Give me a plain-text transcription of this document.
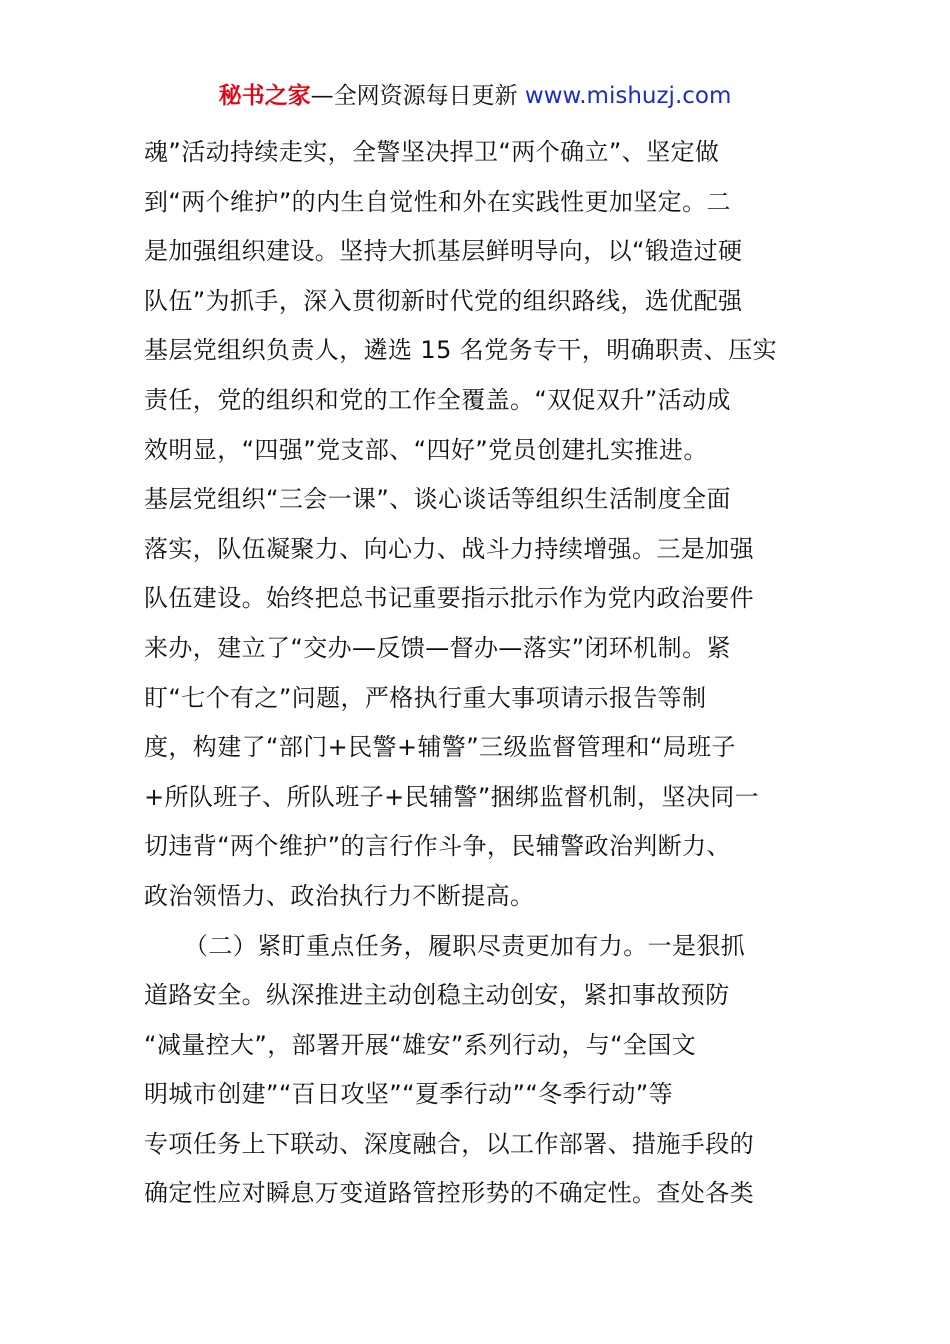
秘书之家—全网资源每日更新 www.mishuzj.com
魂”活动持续走实，全警坚决捍卫“两个确立”、坚定做
到“两个维护”的内生自觉性和外在实践性更加坚定。二
是加强组织建设。坚持大抓基层鲜明导向，以“锻造过硬
队伍”为抓手，深入贯彻新时代党的组织路线，选优配强
基层党组织负责人，遴选 15 名党务专干，明确职责、压实
责任，党的组织和党的工作全覆盖。“双促双升”活动成
效明显，“四强”党支部、“四好”党员创建扎实推进。
基层党组织“三会一课”、谈心谈话等组织生活制度全面
落实，队伍凝聚力、向心力、战斗力持续增强。三是加强
队伍建设。始终把总书记重要指示批示作为党内政治要件
来办，建立了“交办—反馈—督办—落实”闭环机制。紧
盯“七个有之”问题，严格执行重大事项请示报告等制
度，构建了“部门+民警+辅警”三级监督管理和“局班子
+所队班子、所队班子+民辅警”捆绑监督机制，坚决同一
切违背“两个维护”的言行作斗争，民辅警政治判断力、
政治领悟力、政治执行力不断提高。
（二）紧盯重点任务，履职尽责更加有力。一是狠抓
道路安全。纵深推进主动创稳主动创安，紧扣事故预防
“减量控大”，部署开展“雄安”系列行动，与“全国文
明城市创建”“百日攻坚”“夏季行动”“冬季行动”等
专项任务上下联动、深度融合，以工作部署、措施手段的
确定性应对瞬息万变道路管控形势的不确定性。查处各类
